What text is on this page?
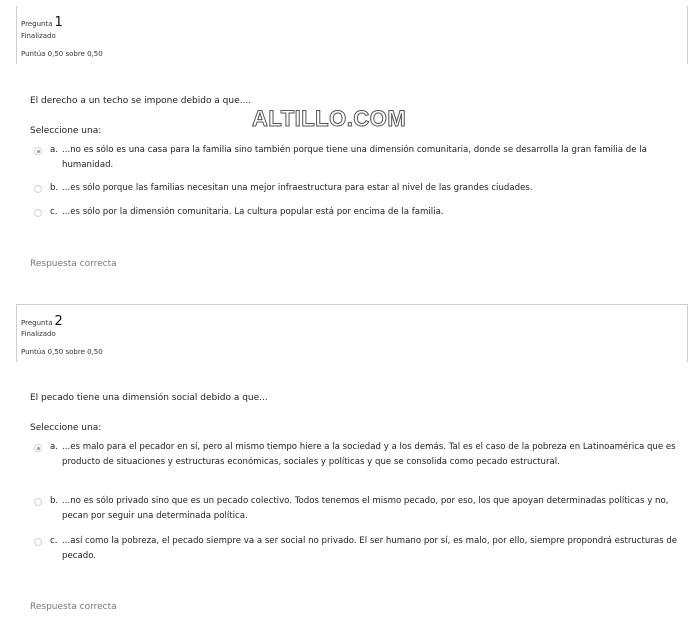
Pregunta 1
Finalizado
Puntúa 0,50 sobre 0,50
El derecho a un techo se impone debido a que....
Seleccione una:
a. ...no es sólo es una casa para la familia sino también porque tiene una dimensión comunitaria, donde se desarrolla la gran familia de la humanidad.
b. ...es sólo porque las familias necesitan una mejor infraestructura para estar al nivel de las grandes ciudades.
c. ...es sólo por la dimensión comunitaria. La cultura popular está por encima de la familia.
Respuesta correcta
Pregunta 2
Finalizado
Puntúa 0,50 sobre 0,50
El pecado tiene una dimensión social debido a que...
Seleccione una:
a. ...es malo para el pecador en sí, pero al mismo tiempo hiere a la sociedad y a los demás. Tal es el caso de la pobreza en Latinoamérica que es producto de situaciones y estructuras económicas, sociales y políticas y que se consolida como pecado estructural.
b. ...no es sólo privado sino que es un pecado colectivo. Todos tenemos el mismo pecado, por eso, los que apoyan determinadas políticas y no, pecan por seguir una determinada política.
c. ...así como la pobreza, el pecado siempre va a ser social no privado. El ser humano por sí, es malo, por ello, siempre propondrá estructuras de pecado.
Respuesta correcta
ALTILLO.COM
